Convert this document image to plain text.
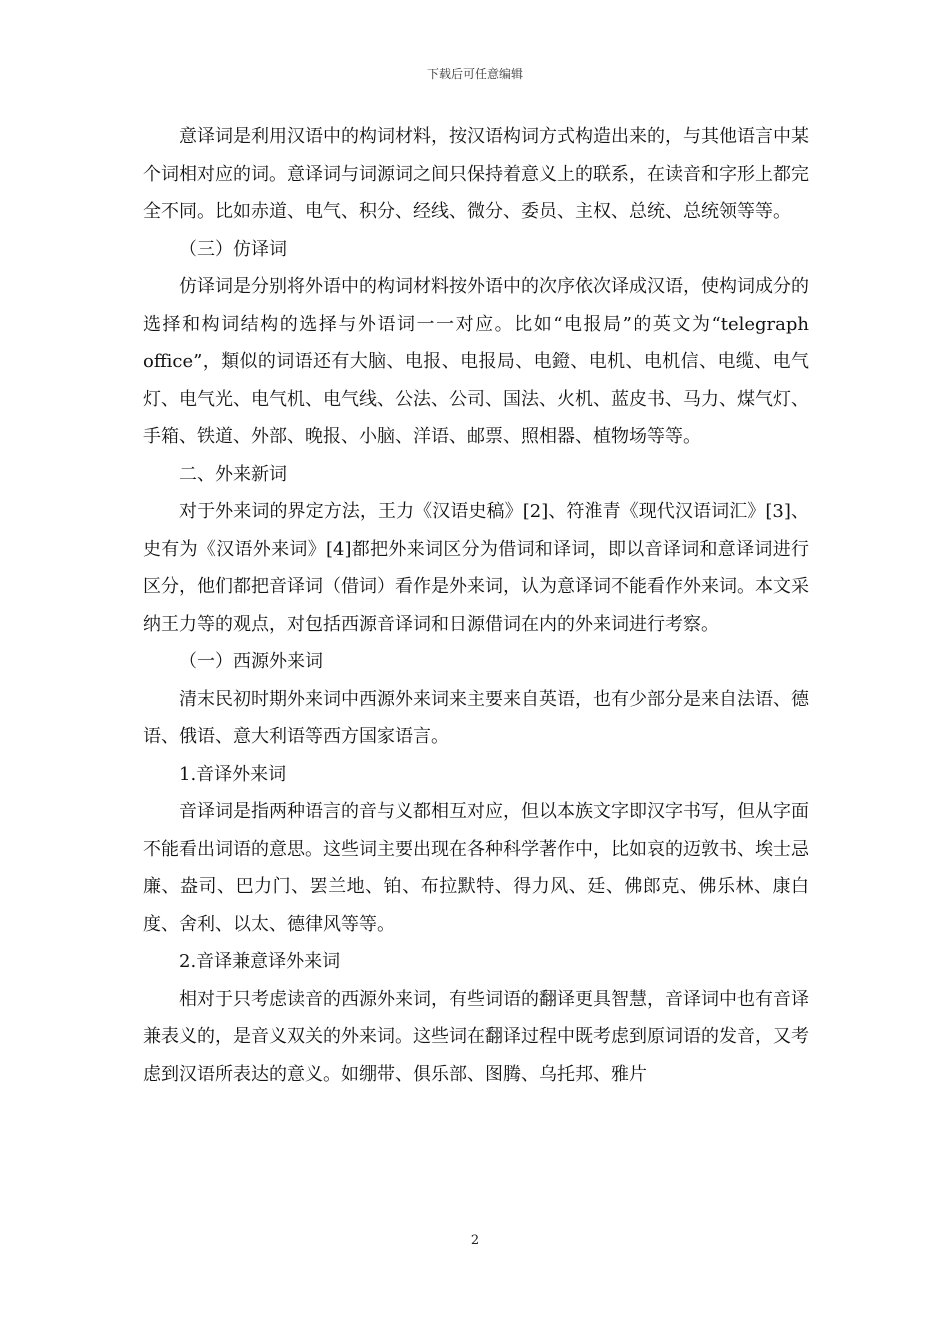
下载后可任意编辑

意译词是利用汉语中的构词材料，按汉语构词方式构造出来的，与其他语言中某个词相对应的词。意译词与词源词之间只保持着意义上的联系，在读音和字形上都完全不同。比如赤道、电气、积分、经线、微分、委员、主权、总统、总统领等等。

（三）仿译词

仿译词是分别将外语中的构词材料按外语中的次序依次译成汉语，使构词成分的选择和构词结构的选择与外语词一一对应。比如“电报局”的英文为“telegraph office”，類似的词语还有大脑、电报、电报局、电鐙、电机、电机信、电缆、电气灯、电气光、电气机、电气线、公法、公司、国法、火机、蓝皮书、马力、煤气灯、手箱、铁道、外部、晚报、小脑、洋语、邮票、照相器、植物场等等。

二、外来新词

对于外来词的界定方法，王力《汉语史稿》[2]、符淮青《现代汉语词汇》[3]、史有为《汉语外来词》[4]都把外来词区分为借词和译词，即以音译词和意译词进行区分，他们都把音译词（借词）看作是外来词，认为意译词不能看作外来词。本文采纳王力等的观点，对包括西源音译词和日源借词在内的外来词进行考察。

（一）西源外来词

清末民初时期外来词中西源外来词来主要来自英语，也有少部分是来自法语、德语、俄语、意大利语等西方国家语言。

1.音译外来词

音译词是指两种语言的音与义都相互对应，但以本族文字即汉字书写，但从字面不能看出词语的意思。这些词主要出现在各种科学著作中，比如哀的迈敦书、埃士忌廉、盎司、巴力门、罢兰地、铂、布拉默特、得力风、廷、佛郎克、佛乐林、康白度、舍利、以太、德律风等等。

2.音译兼意译外来词

相对于只考虑读音的西源外来词，有些词语的翻译更具智慧，音译词中也有音译兼表义的，是音义双关的外来词。这些词在翻译过程中既考虑到原词语的发音，又考虑到汉语所表达的意义。如绷带、俱乐部、图腾、乌托邦、雅片

2
